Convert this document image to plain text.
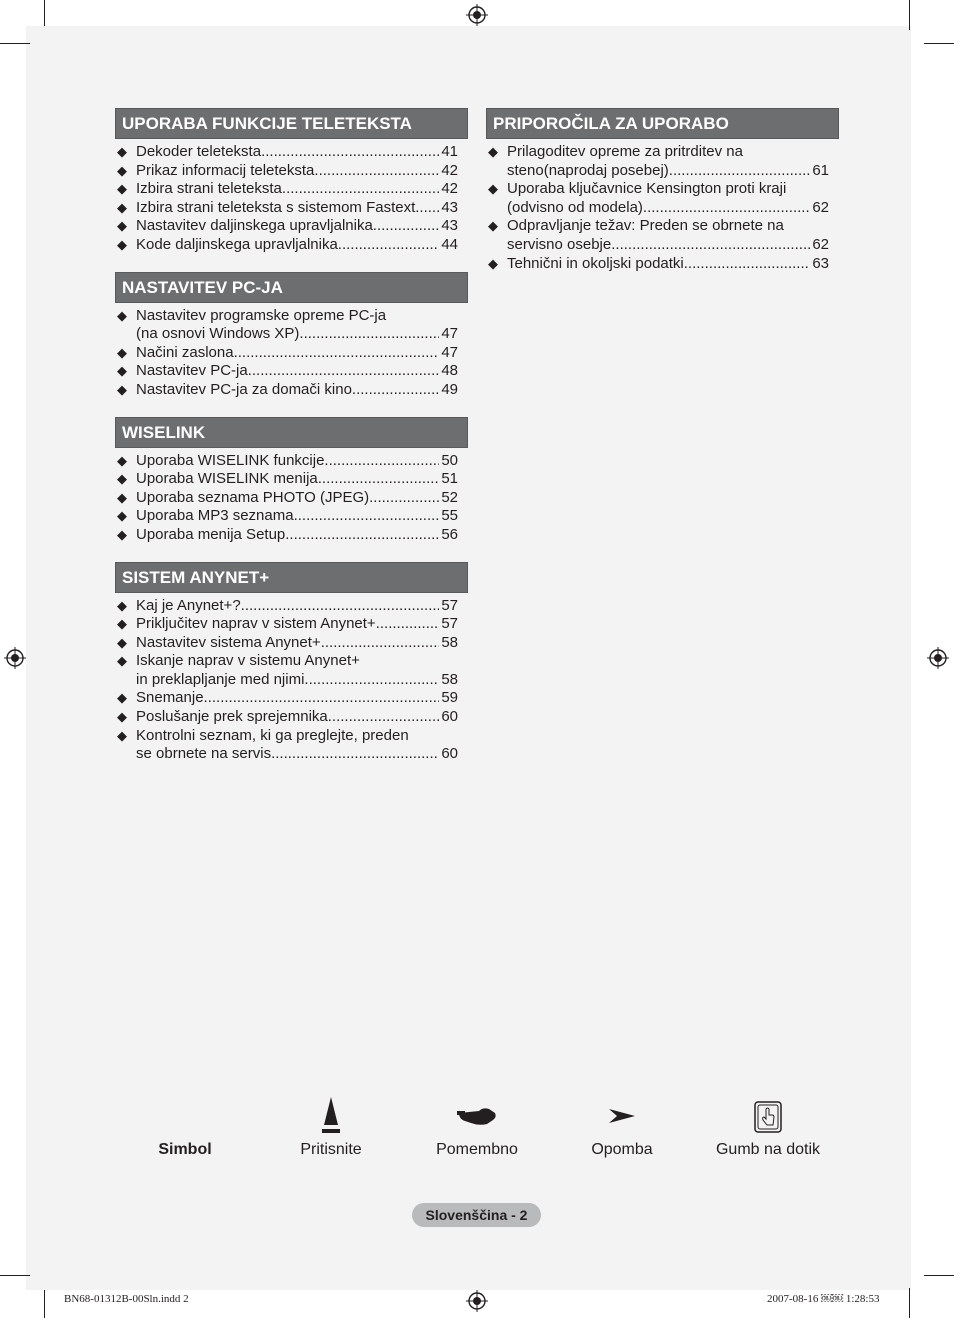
UPORABA FUNKCIJE TELETEKSTA
◆ Dekoder teleteksta .....	41
◆ Prikaz informacij teleteksta .....	42
◆ Izbira strani teleteksta .....	42
◆ Izbira strani teleteksta s sistemom Fastext ..... 43
◆ Nastavitev daljinskega upravljalnika .....	43
◆ Kode daljinskega upravljalnika .....	44
NASTAVITEV PC-JA
◆ Nastavitev programske opreme PC-ja
(na osnovi Windows XP) .....	47
◆ Načini zaslona .....	47
◆ Nastavitev PC-ja .....	48
◆ Nastavitev PC-ja za domači kino .....	49
WISELINK
◆ Uporaba WISELINK funkcije .....	50
◆ Uporaba WISELINK menija .....	51
◆ Uporaba seznama PHOTO (JPEG) .....	52
◆ Uporaba MP3 seznama .....	55
◆ Uporaba menija Setup .....	56
SISTEM ANYNET+
◆ Kaj je Anynet+? .....	57
◆ Priključitev naprav v sistem Anynet+ .....	57
◆ Nastavitev sistema Anynet+ .....	58
◆ Iskanje naprav v sistemu Anynet+
in preklapljanje med njimi .....	58
◆ Snemanje .....	59
◆ Poslušanje prek sprejemnika .....	60
◆ Kontrolni seznam, ki ga preglejte, preden
se obrnete na servis .....	60
PRIPOROČILA ZA UPORABO
◆ Prilagoditev opreme za pritrditev na
steno(naprodaj posebej) .....	61
◆ Uporaba ključavnice Kensington proti kraji
(odvisno od modela) .....	62
◆ Odpravljanje težav: Preden se obrnete na
servisno osebje .....	62
◆ Tehnični in okoljski podatki .....	63
Simbol	Pritisnite	Pomembno	Opomba	Gumb na dotik
Slovenščina - 2
BN68-01312B-00Sln.indd 2	2007-08-16 ￼￼ 1:28:53
